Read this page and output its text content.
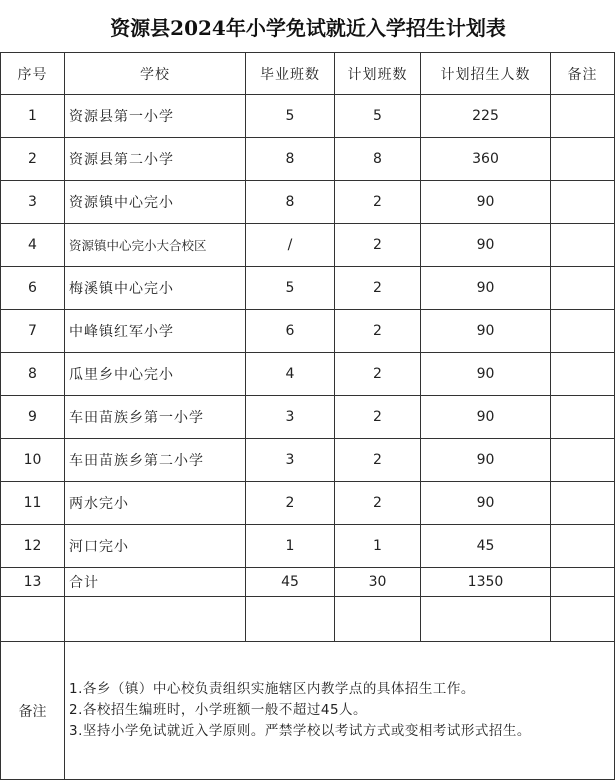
资源县2024年小学免试就近入学招生计划表
序号	学校	毕业班数	计划班数	计划招生人数	备注
1	资源县第一小学	5	5	225	
2	资源县第二小学	8	8	360	
3	资源镇中心完小	8	2	90	
4	资源镇中心完小大合校区	/	2	90	
6	梅溪镇中心完小	5	2	90	
7	中峰镇红军小学	6	2	90	
8	瓜里乡中心完小	4	2	90	
9	车田苗族乡第一小学	3	2	90	
10	车田苗族乡第二小学	3	2	90	
11	两水完小	2	2	90	
12	河口完小	1	1	45	
13	合计	45	30	1350	

备注	1.各乡（镇）中心校负责组织实施辖区内教学点的具体招生工作。
2.各校招生编班时，小学班额一般不超过45人。
3.坚持小学免试就近入学原则。严禁学校以考试方式或变相考试形式招生。				
